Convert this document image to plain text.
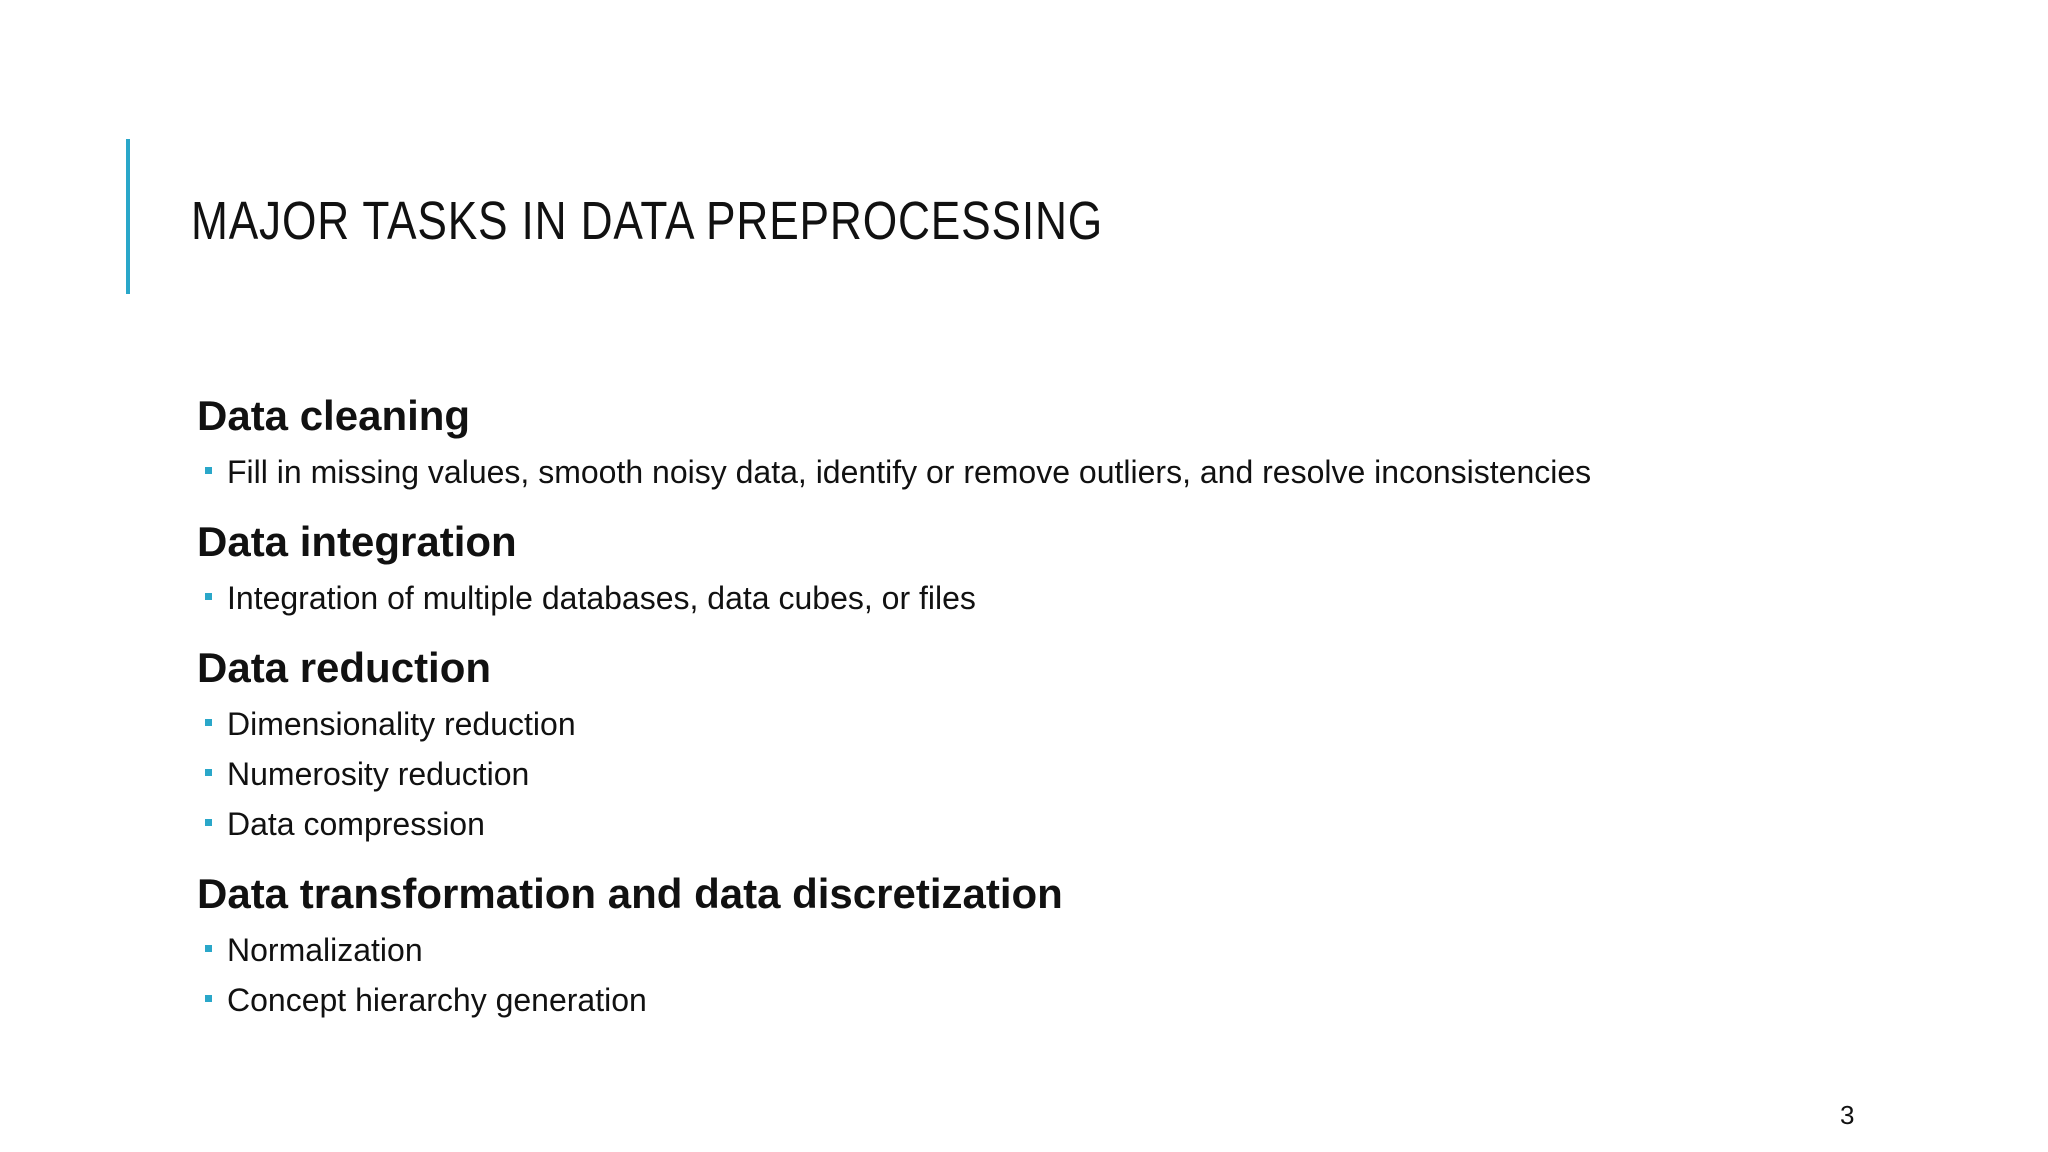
MAJOR TASKS IN DATA PREPROCESSING
Data cleaning
Fill in missing values, smooth noisy data, identify or remove outliers, and resolve inconsistencies
Data integration
Integration of multiple databases, data cubes, or files
Data reduction
Dimensionality reduction
Numerosity reduction
Data compression
Data transformation and data discretization
Normalization
Concept hierarchy generation
3
